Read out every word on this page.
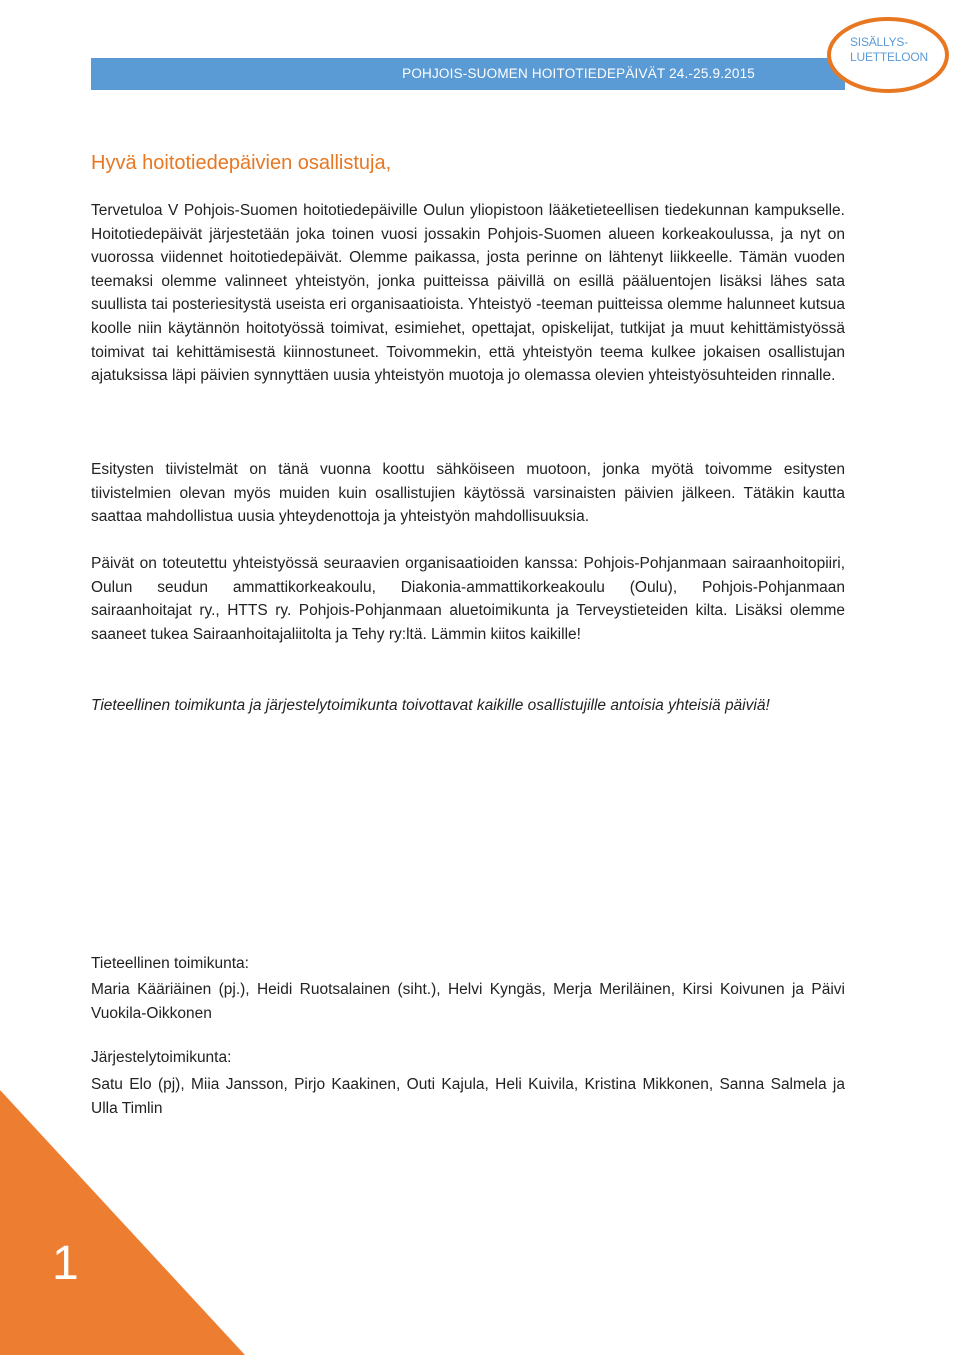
POHJOIS-SUOMEN HOITOTIEDEPÄIVÄT 24.-25.9.2015
SISÄLLYS-
LUETTELOON
Hyvä hoitotiedepäivien osallistuja,
Tervetuloa V Pohjois-Suomen hoitotiedepäiville Oulun yliopistoon lääketieteellisen tiedekunnan kampukselle. Hoitotiedepäivät järjestetään joka toinen vuosi jossakin Pohjois-Suomen alueen korkeakoulussa, ja nyt on vuorossa viidennet hoitotiedepäivät. Olemme paikassa, josta perinne on lähtenyt liikkeelle. Tämän vuoden teemaksi olemme valinneet yhteistyön, jonka puitteissa päivillä on esillä pääluentojen lisäksi lähes sata suullista tai posteriesitystä useista eri organisaatioista. Yhteistyö -teeman puitteissa olemme halunneet kutsua koolle niin käytännön hoitotyössä toimivat, esimiehet, opettajat, opiskelijat, tutkijat ja muut kehittämistyössä toimivat tai kehittämisestä kiinnostuneet. Toivommekin, että yhteistyön teema kulkee jokaisen osallistujan ajatuksissa läpi päivien synnyttäen uusia yhteistyön muotoja jo olemassa olevien yhteistyösuhteiden rinnalle.
Esitysten tiivistelmät on tänä vuonna koottu sähköiseen muotoon, jonka myötä toivomme esitysten tiivistelmien olevan myös muiden kuin osallistujien käytössä varsinaisten päivien jälkeen. Tätäkin kautta saattaa mahdollistua uusia yhteydenottoja ja yhteistyön mahdollisuuksia.
Päivät on toteutettu yhteistyössä seuraavien organisaatioiden kanssa: Pohjois-Pohjanmaan sairaanhoitopiiri, Oulun seudun ammattikorkeakoulu, Diakonia-ammattikorkeakoulu (Oulu), Pohjois-Pohjanmaan sairaanhoitajat ry., HTTS ry. Pohjois-Pohjanmaan aluetoimikunta ja Terveystieteiden kilta. Lisäksi olemme saaneet tukea Sairaanhoitajaliitolta ja Tehy ry:ltä. Lämmin kiitos kaikille!
Tieteellinen toimikunta ja järjestelytoimikunta toivottavat kaikille osallistujille antoisia yhteisiä päiviä!
Tieteellinen toimikunta:
Maria Kääriäinen (pj.), Heidi Ruotsalainen (siht.), Helvi Kyngäs, Merja Meriläinen, Kirsi Koivunen ja Päivi Vuokila-Oikkonen
Järjestelytoimikunta:
Satu Elo (pj), Miia Jansson, Pirjo Kaakinen, Outi Kajula, Heli Kuivila, Kristina Mikkonen, Sanna Salmela ja Ulla Timlin
1
